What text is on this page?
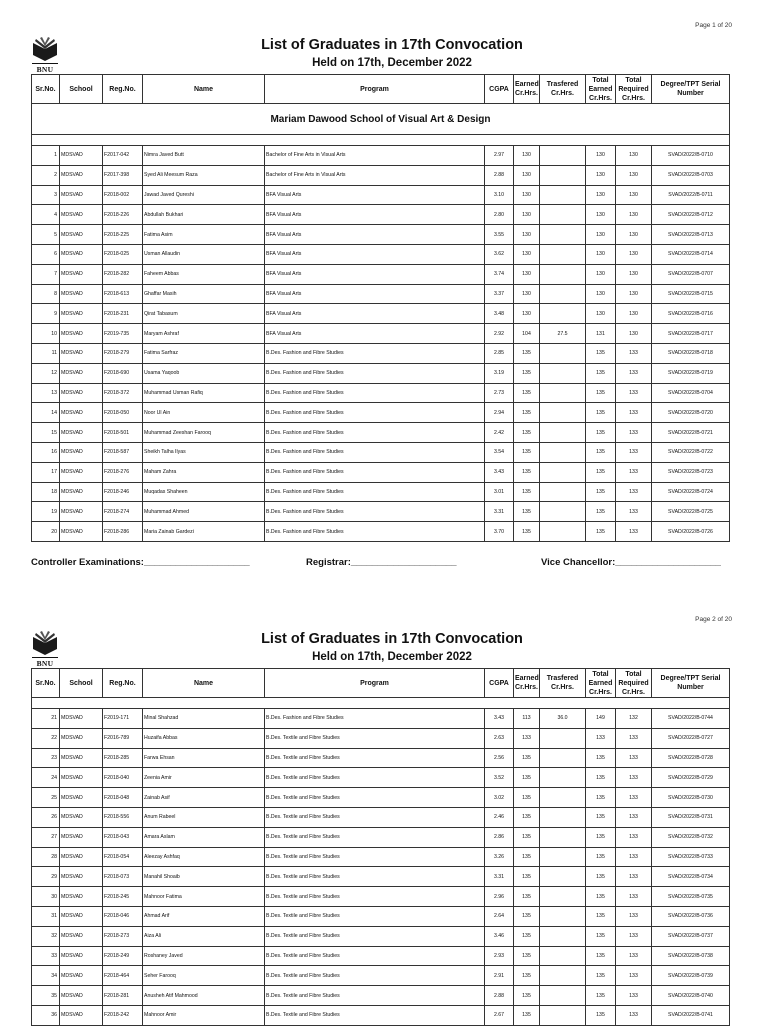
Page 1 of 20
BNU
List of Graduates in 17th Convocation
Held on 17th, December 2022
Sr.No.	School	Reg.No.	Name	Program	CGPA	Earned Cr.Hrs.	Trasfered Cr.Hrs.	Total Earned Cr.Hrs.	Total Required Cr.Hrs.	Degree/TPT Serial Number
Mariam Dawood School of Visual Art & Design										

1	MDSVAD	F2017-042	Nimra Javed Butt	Bachelor of Fine Arts in Visual Arts	2.97	130		130	130	SVAD/2022/B-0710
2	MDSVAD	F2017-398	Syed Ali Meesum Raza	Bachelor of Fine Arts in Visual Arts	2.88	130		130	130	SVAD/2022/B-0703
3	MDSVAD	F2018-002	Jawad Javed Qureshi	BFA Visual Arts	3.10	130		130	130	SVAD/2022/B-0711
4	MDSVAD	F2018-226	Abdullah Bukhari	BFA Visual Arts	2.80	130		130	130	SVAD/2022/B-0712
5	MDSVAD	F2018-225	Fatima Asim	BFA Visual Arts	3.55	130		130	130	SVAD/2022/B-0713
6	MDSVAD	F2018-025	Usman Allaudin	BFA Visual Arts	3.62	130		130	130	SVAD/2022/B-0714
7	MDSVAD	F2018-282	Faheem Abbas	BFA Visual Arts	3.74	130		130	130	SVAD/2022/B-0707
8	MDSVAD	F2018-613	Ghaffar Masih	BFA Visual Arts	3.37	130		130	130	SVAD/2022/B-0715
9	MDSVAD	F2018-231	Qirat Tabasum	BFA Visual Arts	3.48	130		130	130	SVAD/2022/B-0716
10	MDSVAD	F2019-735	Maryam Ashraf	BFA Visual Arts	2.92	104	27.5	131	130	SVAD/2022/B-0717
11	MDSVAD	F2018-279	Fatima Sarfraz	B.Des. Fashion and Fibre Studies	2.85	135		135	133	SVAD/2022/B-0718
12	MDSVAD	F2018-690	Usama Yaqoob	B.Des. Fashion and Fibre Studies	3.19	135		135	133	SVAD/2022/B-0719
13	MDSVAD	F2018-372	Muhammad Usman Rafiq	B.Des. Fashion and Fibre Studies	2.73	135		135	133	SVAD/2022/B-0704
14	MDSVAD	F2018-050	Noor Ul Ain	B.Des. Fashion and Fibre Studies	2.94	135		135	133	SVAD/2022/B-0720
15	MDSVAD	F2018-501	Muhammad Zeeshan Farooq	B.Des. Fashion and Fibre Studies	2.42	135		135	133	SVAD/2022/B-0721
16	MDSVAD	F2018-587	Sheikh Talha Ilyas	B.Des. Fashion and Fibre Studies	3.54	135		135	133	SVAD/2022/B-0722
17	MDSVAD	F2018-276	Maham Zahra	B.Des. Fashion and Fibre Studies	3.43	135		135	133	SVAD/2022/B-0723
18	MDSVAD	F2018-246	Muqadas Shaheen	B.Des. Fashion and Fibre Studies	3.01	135		135	133	SVAD/2022/B-0724
19	MDSVAD	F2018-274	Muhammad Ahmed	B.Des. Fashion and Fibre Studies	3.31	135		135	133	SVAD/2022/B-0725
20	MDSVAD	F2018-286	Maria Zainab Gardezi	B.Des. Fashion and Fibre Studies	3.70	135		135	133	SVAD/2022/B-0726
Controller Examinations:____________________	Registrar:____________________	Vice Chancellor:____________________
Page 2 of 20
BNU
List of Graduates in 17th Convocation
Held on 17th, December 2022
Sr.No.	School	Reg.No.	Name	Program	CGPA	Earned Cr.Hrs.	Trasfered Cr.Hrs.	Total Earned Cr.Hrs.	Total Required Cr.Hrs.	Degree/TPT Serial Number

21	MDSVAD	F2019-171	Minal Shahzad	B.Des. Fashion and Fibre Studies	3.43	113	36.0	149	132	SVAD/2022/B-0744
22	MDSVAD	F2016-789	Huzaifa Abbas	B.Des. Textile and Fibre Studies	2.63	133		133	133	SVAD/2022/B-0727
23	MDSVAD	F2018-285	Farwa Ehsan	B.Des. Textile and Fibre Studies	2.56	135		135	133	SVAD/2022/B-0728
24	MDSVAD	F2018-040	Zeenia Amir	B.Des. Textile and Fibre Studies	3.52	135		135	133	SVAD/2022/B-0729
25	MDSVAD	F2018-048	Zainab Asif	B.Des. Textile and Fibre Studies	3.02	135		135	133	SVAD/2022/B-0730
26	MDSVAD	F2018-556	Anum Rabeel	B.Des. Textile and Fibre Studies	2.46	135		135	133	SVAD/2022/B-0731
27	MDSVAD	F2018-043	Amara Aslam	B.Des. Textile and Fibre Studies	2.86	135		135	133	SVAD/2022/B-0732
28	MDSVAD	F2018-054	Aleezay Ashfaq	B.Des. Textile and Fibre Studies	3.26	135		135	133	SVAD/2022/B-0733
29	MDSVAD	F2018-073	Manahil Shoaib	B.Des. Textile and Fibre Studies	3.31	135		135	133	SVAD/2022/B-0734
30	MDSVAD	F2018-245	Mahnoor Fatima	B.Des. Textile and Fibre Studies	2.96	135		135	133	SVAD/2022/B-0735
31	MDSVAD	F2018-046	Ahmad Arif	B.Des. Textile and Fibre Studies	2.64	135		135	133	SVAD/2022/B-0736
32	MDSVAD	F2018-273	Aiza Ali	B.Des. Textile and Fibre Studies	3.46	135		135	133	SVAD/2022/B-0737
33	MDSVAD	F2018-249	Roshaney Javed	B.Des. Textile and Fibre Studies	2.93	135		135	133	SVAD/2022/B-0738
34	MDSVAD	F2018-464	Seher Farooq	B.Des. Textile and Fibre Studies	2.91	135		135	133	SVAD/2022/B-0739
35	MDSVAD	F2018-281	Anusheh Atif Mahmood	B.Des. Textile and Fibre Studies	2.88	135		135	133	SVAD/2022/B-0740
36	MDSVAD	F2018-242	Mahnoor Amir	B.Des. Textile and Fibre Studies	2.67	135		135	133	SVAD/2022/B-0741
